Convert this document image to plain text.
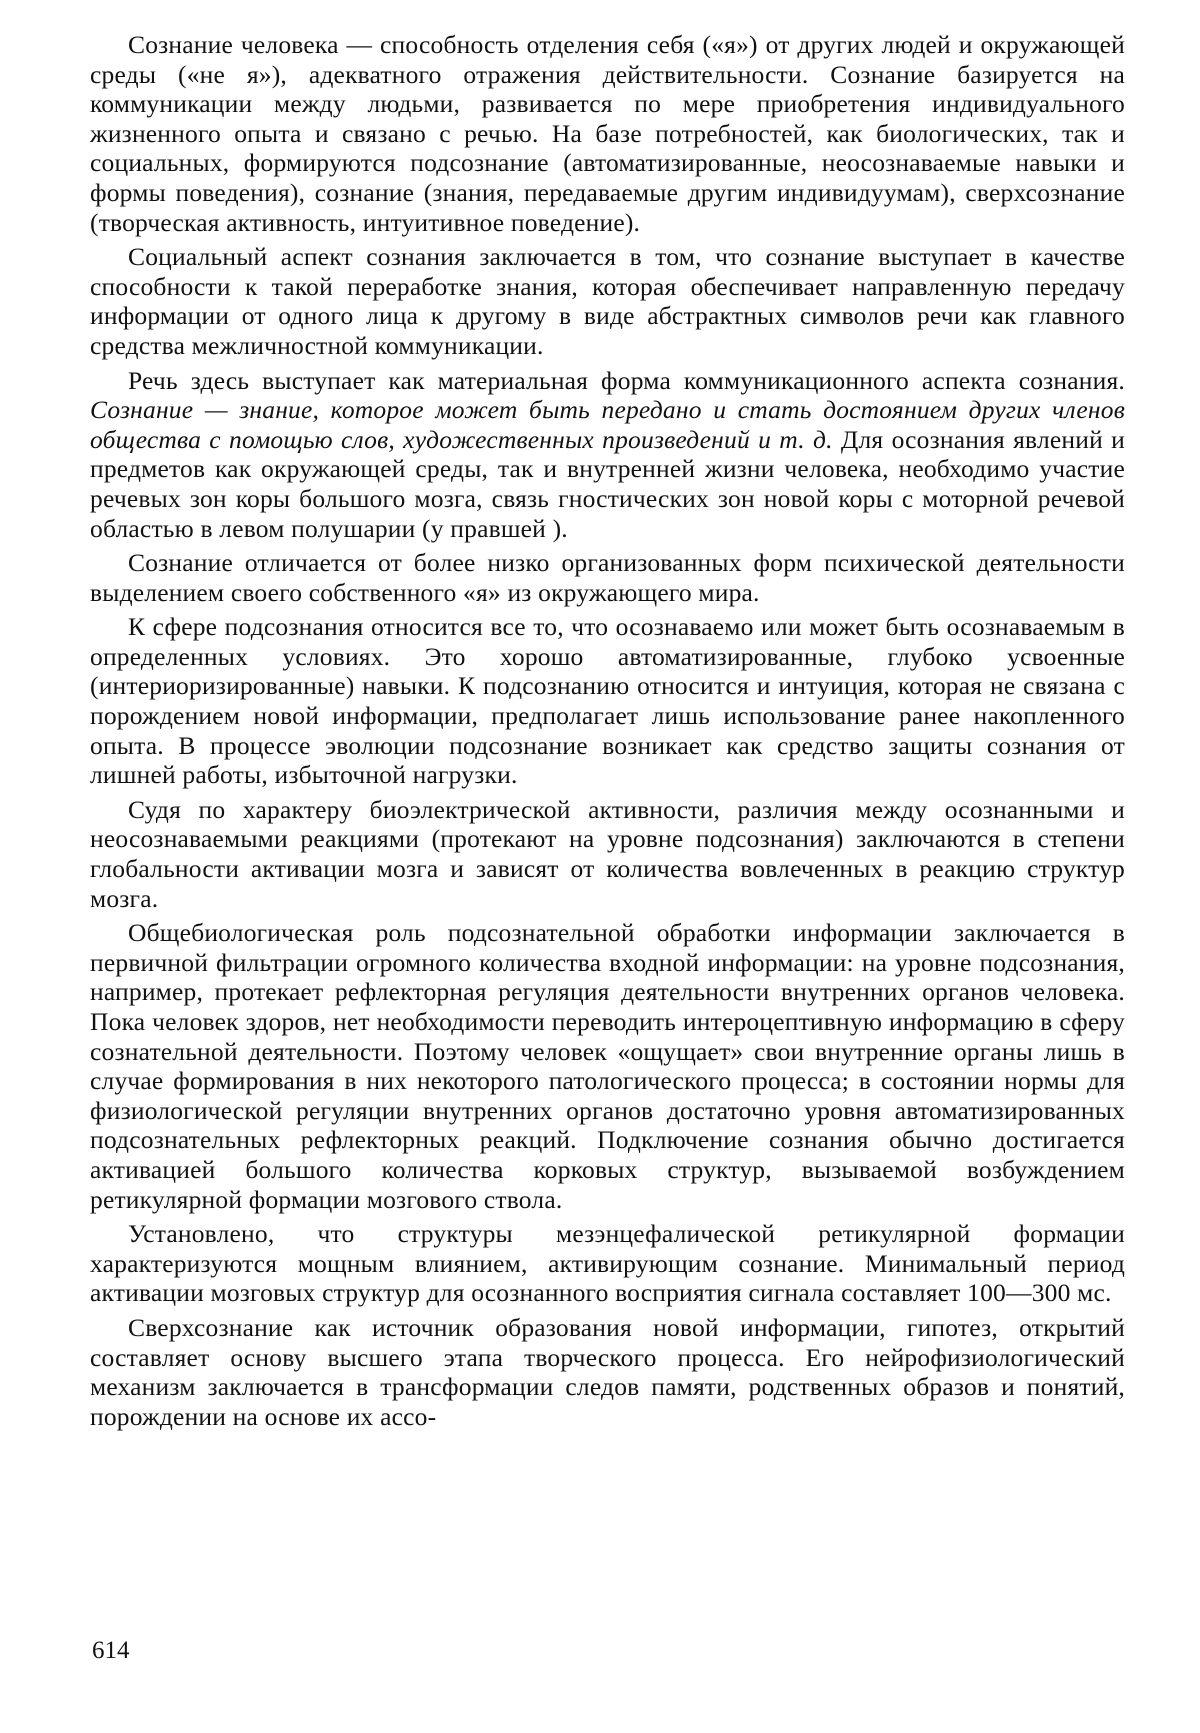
Сознание человека — способность отделения себя («я») от других людей и окружающей среды («не я»), адекватного отражения действительности. Сознание базируется на коммуникации между людьми, развивается по мере приобретения индивидуального жизненного опыта и связано с речью. На базе потребностей, как биологических, так и социальных, формируются подсознание (автоматизированные, неосознаваемые навыки и формы поведения), сознание (знания, передаваемые другим индивидуумам), сверхсознание (творческая активность, интуитивное поведение).

Социальный аспект сознания заключается в том, что сознание выступает в качестве способности к такой переработке знания, которая обеспечивает направленную передачу информации от одного лица к другому в виде абстрактных символов речи как главного средства межличностной коммуникации.

Речь здесь выступает как материальная форма коммуникационного аспекта сознания. Сознание — знание, которое может быть передано и стать достоянием других членов общества с помощью слов, художественных произведений и т. д. Для осознания явлений и предметов как окружающей среды, так и внутренней жизни человека, необходимо участие речевых зон коры большого мозга, связь гностических зон новой коры с моторной речевой областью в левом полушарии (у правшей ).

Сознание отличается от более низко организованных форм психической деятельности выделением своего собственного «я» из окружающего мира.

К сфере подсознания относится все то, что осознаваемо или может быть осознаваемым в определенных условиях. Это хорошо автоматизированные, глубоко усвоенные (интериоризированные) навыки. К подсознанию относится и интуиция, которая не связана с порождением новой информации, предполагает лишь использование ранее накопленного опыта. В процессе эволюции подсознание возникает как средство защиты сознания от лишней работы, избыточной нагрузки.

Судя по характеру биоэлектрической активности, различия между осознанными и неосознаваемыми реакциями (протекают на уровне подсознания) заключаются в степени глобальности активации мозга и зависят от количества вовлеченных в реакцию структур мозга.

Общебиологическая роль подсознательной обработки информации заключается в первичной фильтрации огромного количества входной информации: на уровне подсознания, например, протекает рефлекторная регуляция деятельности внутренних органов человека. Пока человек здоров, нет необходимости переводить интероцептивную информацию в сферу сознательной деятельности. Поэтому человек «ощущает» свои внутренние органы лишь в случае формирования в них некоторого патологического процесса; в состоянии нормы для физиологической регуляции внутренних органов достаточно уровня автоматизированных подсознательных рефлекторных реакций. Подключение сознания обычно достигается активацией большого количества корковых структур, вызываемой возбуждением ретикулярной формации мозгового ствола.

Установлено, что структуры мезэнцефалической ретикулярной формации характеризуются мощным влиянием, активирующим сознание. Минимальный период активации мозговых структур для осознанного восприятия сигнала составляет 100—300 мс.

Сверхсознание как источник образования новой информации, гипотез, открытий составляет основу высшего этапа творческого процесса. Его нейрофизиологический механизм заключается в трансформации следов памяти, родственных образов и понятий, порождении на основе их ассо-

614
